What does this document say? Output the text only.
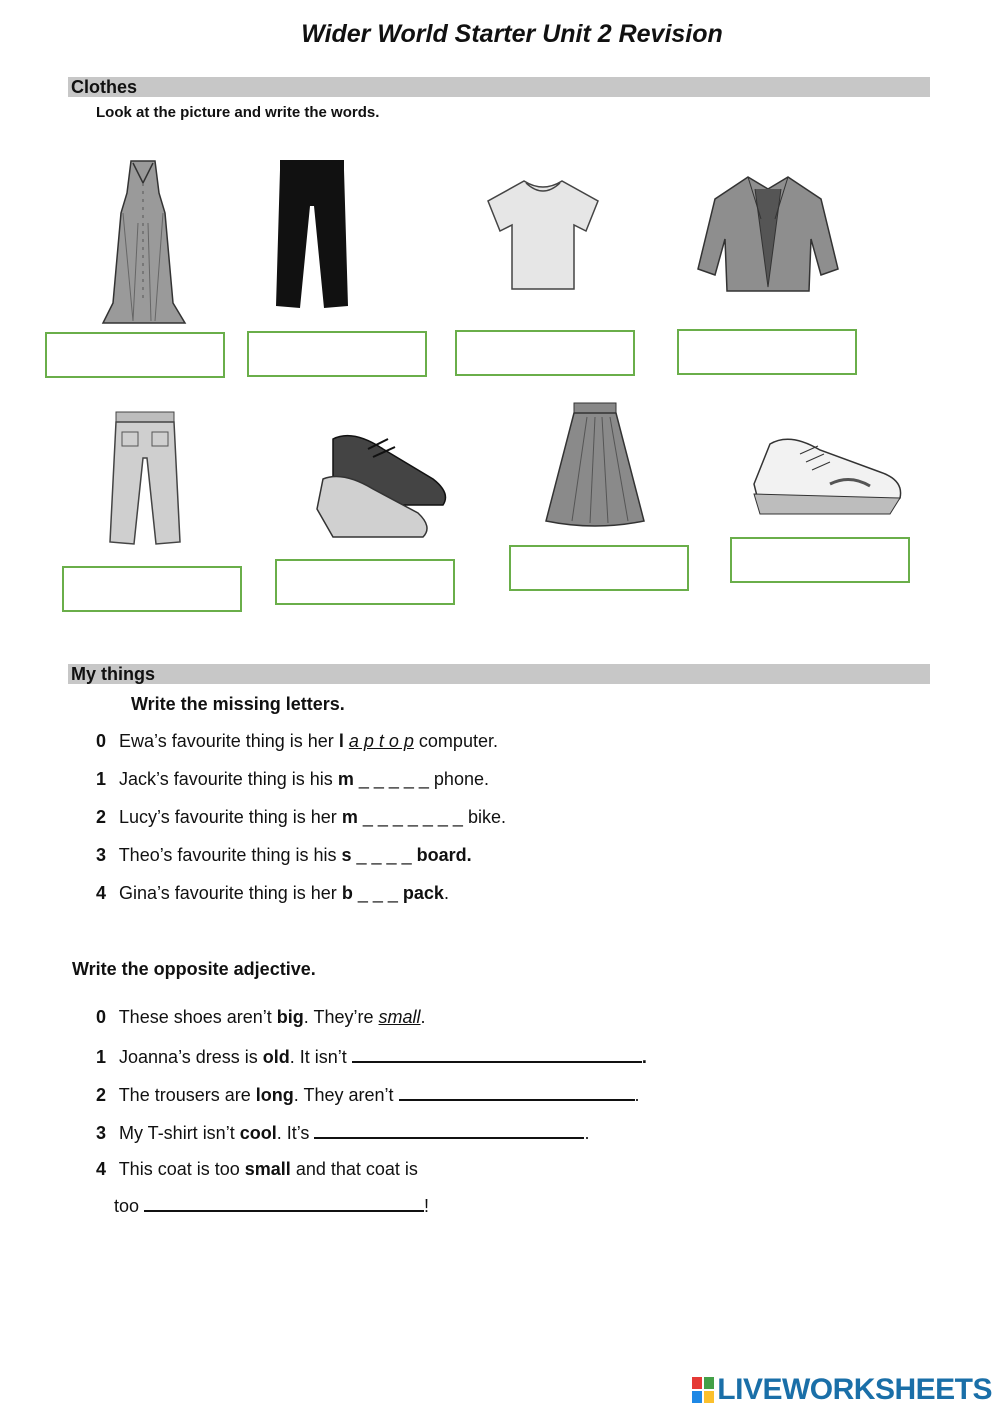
Wider World Starter Unit 2 Revision
Clothes
Look at the picture and write the words.
My things
Write the missing letters.
0 Ewa’s favourite thing is her l a p t o p computer.
1 Jack’s favourite thing is his m _ _ _ _ _ phone.
2 Lucy’s favourite thing is her m _ _ _ _ _ _ _ bike.
3 Theo’s favourite thing is his s _ _ _ _ board.
4 Gina’s favourite thing is her b _ _ _ pack.
Write the opposite adjective.
0 These shoes aren’t big. They’re small.
1 Joanna’s dress is old. It isn’t	.
2 The trousers are long. They aren’t	.
3 My T-shirt isn’t cool. It’s	.
4 This coat is too small and that coat is
too	!
LIVEWORKSHEETS
